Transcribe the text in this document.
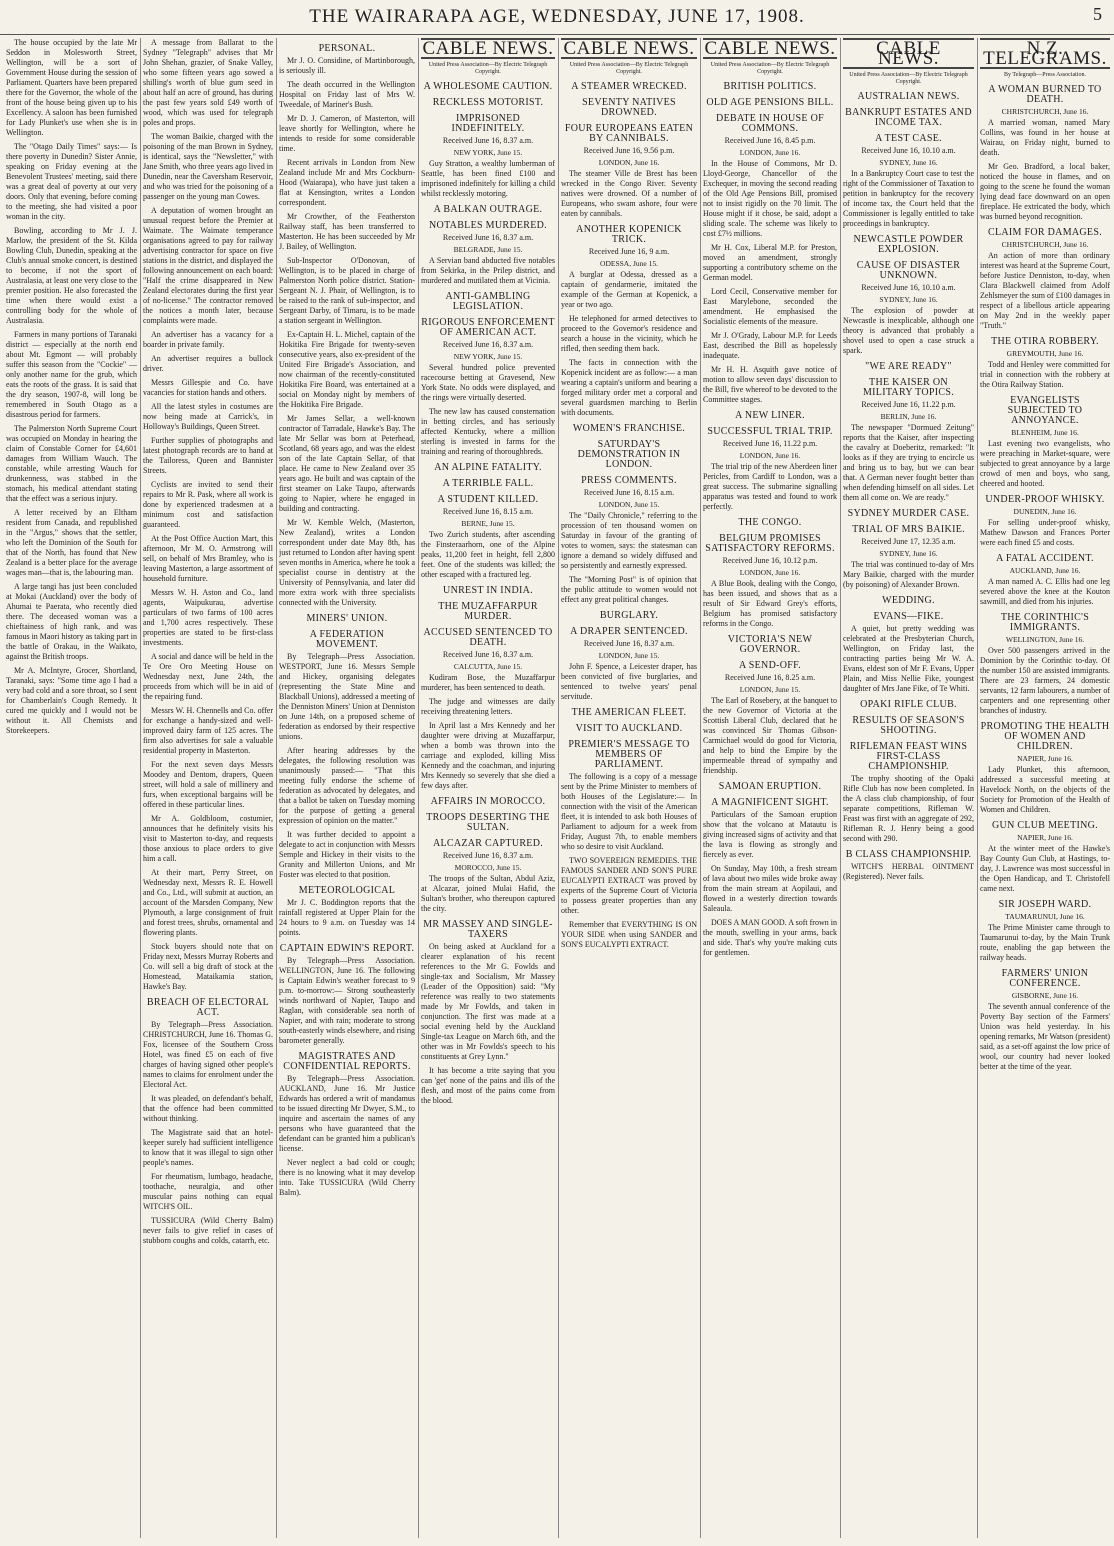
THE WAIRARAPA AGE, WEDNESDAY, JUNE 17, 1908.	5

The house occupied by the late Mr Seddon in Molesworth Street, Wellington, will be a sort of Government House during the session of Parliament. Quarters have been prepared there for the Governor, the whole of the front of the house being given up to his Excellency. A saloon has been furnished for Lady Plunket's use when she is in Wellington.

The "Otago Daily Times" says:— Is there poverty in Dunedin? Sister Annie, speaking on Friday evening at the Benevolent Trustees' meeting, said there was a great deal of poverty at our very doors. Only that evening, before coming to the meeting, she had visited a poor woman in the city.

Bowling, according to Mr J. J. Marlow, the president of the St. Kilda Bowling Club, Dunedin, speaking at the Club's annual smoke concert, is destined to become, if not the sport of Australasia, at least one very close to the premier position. He also forecasted the time when there would exist a controlling body for the whole of Australasia.

Farmers in many portions of Taranaki district — especially at the north end about Mt. Egmont — will probably suffer this season from the "Cockie" — only another name for the grub, which eats the roots of the grass. It is said that the dry season, 1907-8, will long be remembered in South Otago as a disastrous period for farmers.

The Palmerston North Supreme Court was occupied on Monday in hearing the claim of Constable Corner for £4,601 damages from William Wauch. The constable, while arresting Wauch for drunkenness, was stabbed in the stomach, his medical attendant stating that the effect was a serious injury.

A letter received by an Eltham resident from Canada, and republished in the "Argus," shows that the settler, who left the Dominion of the South for that of the North, has found that New Zealand is a better place for the average wages man—that is, the labouring man.

A large tangi has just been concluded at Mokai (Auckland) over the body of Ahumai te Paerata, who recently died there. The deceased woman was a chieftainess of high rank, and was famous in Maori history as taking part in the battle of Orakau, in the Waikato, against the British troops.

Mr A. McIntyre, Grocer, Shortland, Taranaki, says: "Some time ago I had a very bad cold and a sore throat, so I sent for Chamberlain's Cough Remedy. It cured me quickly and I would not be without it. All Chemists and Storekeepers.

A message from Ballarat to the Sydney "Telegraph" advises that Mr John Shehan, grazier, of Snake Valley, who some fifteen years ago sowed a shilling's worth of blue gum seed in about half an acre of ground, has during the past few years sold £49 worth of wood, which was used for telegraph poles and props.

The woman Baikie, charged with the poisoning of the man Brown in Sydney, is identical, says the "Newsletter," with Jane Smith, who three years ago lived in Dunedin, near the Caversham Reservoir, and who was tried for the poisoning of a passenger on the young man Cowes.

A deputation of women brought an unusual request before the Premier at Waimate. The Waimate temperance organisations agreed to pay for railway advertising contractor for space on five stations in the district, and displayed the following announcement on each board: "Half the crime disappeared in New Zealand electorates during the first year of no-license." The contractor removed the notices a month later, because complaints were made.

An advertiser has a vacancy for a boarder in private family.

An advertiser requires a bullock driver.

Messrs Gillespie and Co. have vacancies for station hands and others.

All the latest styles in costumes are now being made at Carrick's, in Holloway's Buildings, Queen Street.

Further supplies of photographs and latest photograph records are to hand at the Tailoress, Queen and Bannister Streets.

Cyclists are invited to send their repairs to Mr R. Pask, where all work is done by experienced tradesmen at a minimum cost and satisfaction guaranteed.

At the Post Office Auction Mart, this afternoon, Mr M. O. Armstrong will sell, on behalf of Mrs Bramley, who is leaving Masterton, a large assortment of household furniture.

Messrs W. H. Aston and Co., land agents, Waipukurau, advertise particulars of two farms of 100 acres and 1,700 acres respectively. These properties are stated to be first-class investments.

A social and dance will be held in the Te Ore Oro Meeting House on Wednesday next, June 24th, the proceeds from which will be in aid of the repairing fund.

Messrs W. H. Chennells and Co. offer for exchange a handy-sized and well-improved dairy farm of 125 acres. The firm also advertises for sale a valuable residential property in Masterton.

For the next seven days Messrs Moodey and Dentom, drapers, Queen street, will hold a sale of millinery and furs, when exceptional bargains will be offered in these particular lines.

Mr A. Goldbloom, costumier, announces that he definitely visits his visit to Masterton to-day, and requests those anxious to place orders to give him a call.

At their mart, Perry Street, on Wednesday next, Messrs R. E. Howell and Co., Ltd., will submit at auction, an account of the Marsden Company, New Plymouth, a large consignment of fruit and forest trees, shrubs, ornamental and flowering plants.

Stock buyers should note that on Friday next, Messrs Murray Roberts and Co. will sell a big draft of stock at the Homestead, Mataikamia station, Hawke's Bay.

BREACH OF ELECTORAL ACT.

By Telegraph—Press Association. CHRISTCHURCH, June 16. Thomas G. Fox, licensee of the Southern Cross Hotel, was fined £5 on each of five charges of having signed other people's names to claims for enrolment under the Electoral Act.

It was pleaded, on defendant's behalf, that the offence had been committed without thinking.

The Magistrate said that an hotel-keeper surely had sufficient intelligence to know that it was illegal to sign other people's names.

For rheumatism, lumbago, headache, toothache, neuralgia, and other muscular pains nothing can equal WITCH'S OIL.

TUSSICURA (Wild Cherry Balm) never fails to give relief in cases of stubborn coughs and colds, catarrh, etc.

PERSONAL.

Mr J. O. Considine, of Martinborough, is seriously ill.

The death occurred in the Wellington Hospital on Friday last of Mrs W. Tweedale, of Mariner's Bush.

Mr D. J. Cameron, of Masterton, will leave shortly for Wellington, where he intends to reside for some considerable time.

Recent arrivals in London from New Zealand include Mr and Mrs Cockburn-Hood (Waiarapa), who have just taken a flat at Kensington, writes a London correspondent.

Mr Crowther, of the Featherston Railway staff, has been transferred to Masterton. He has been succeeded by Mr J. Bailey, of Wellington.

Sub-Inspector O'Donovan, of Wellington, is to be placed in charge of Palmerston North police district. Station-Sergeant N. J. Phair, of Wellington, is to be raised to the rank of sub-inspector, and Sergeant Darby, of Timaru, is to be made a station sergeant in Wellington.

Ex-Captain H. L. Michel, captain of the Hokitika Fire Brigade for twenty-seven consecutive years, also ex-president of the United Fire Brigade's Association, and now chairman of the recently-constituted Hokitika Fire Board, was entertained at a social on Monday night by members of the Hokitika Fire Brigade.

Mr James Sellar, a well-known contractor of Tarradale, Hawke's Bay. The late Mr Sellar was born at Peterhead, Scotland, 68 years ago, and was the eldest son of the late Captain Sellar, of that place. He came to New Zealand over 35 years ago. He built and was captain of the first steamer on Lake Taupo, afterwards going to Napier, where he engaged in building and contracting.

Mr W. Kemble Welch, (Masterton, New Zealand), writes a London correspondent under date May 8th, has just returned to London after having spent seven months in America, where he took a specialist course in dentistry at the University of Pennsylvania, and later did more extra work with three specialists connected with the University.

MINERS' UNION.
A FEDERATION MOVEMENT.

By Telegraph—Press Association. WESTPORT, June 16. Messrs Semple and Hickey, organising delegates (representing the State Mine and Blackball Unions), addressed a meeting of the Denniston Miners' Union at Denniston on June 14th, on a proposed scheme of federation as endorsed by their respective unions.

After hearing addresses by the delegates, the following resolution was unanimously passed:— "That this meeting fully endorse the scheme of federation as advocated by delegates, and that a ballot be taken on Tuesday morning for the purpose of getting a general expression of opinion on the matter."

It was further decided to appoint a delegate to act in conjunction with Messrs Semple and Hickey in their visits to the Granity and Millerton Unions, and Mr Foster was elected to that position.

METEOROLOGICAL

Mr J. C. Boddington reports that the rainfall registered at Upper Plain for the 24 hours to 9 a.m. on Tuesday was 14 points.

CAPTAIN EDWIN'S REPORT.

By Telegraph—Press Association. WELLINGTON, June 16. The following is Captain Edwin's weather forecast to 9 p.m. to-morrow:— Strong southeasterly winds northward of Napier, Taupo and Raglan, with considerable sea north of Napier, and with rain; moderate to strong south-easterly winds elsewhere, and rising barometer generally.

MAGISTRATES AND CONFIDENTIAL REPORTS.

By Telegraph—Press Association. AUCKLAND, June 16. Mr Justice Edwards has ordered a writ of mandamus to be issued directing Mr Dwyer, S.M., to inquire and ascertain the names of any persons who have guaranteed that the defendant can be granted him a publican's license.

Never neglect a bad cold or cough; there is no knowing what it may develop into. Take TUSSICURA (Wild Cherry Balm).

CABLE NEWS.
United Press Association—By Electric Telegraph Copyright.
A WHOLESOME CAUTION.
RECKLESS MOTORIST.
IMPRISONED INDEFINITELY.
Received June 16, 8.37 a.m.
NEW YORK, June 15.

Guy Stratton, a wealthy lumberman of Seattle, has been fined £100 and imprisoned indefinitely for killing a child whilst recklessly motoring.

A BALKAN OUTRAGE.
NOTABLES MURDERED.
Received June 16, 8.37 a.m.
BELGRADE, June 15.

A Servian band abducted five notables from Sekirka, in the Prilep district, and murdered and mutilated them at Vicinia.

ANTI-GAMBLING LEGISLATION.
RIGOROUS ENFORCEMENT OF AMERICAN ACT.
Received June 16, 8.37 a.m.
NEW YORK, June 15.

Several hundred police prevented racecourse betting at Gravesend, New York State. No odds were displayed, and the rings were virtually deserted.

The new law has caused consternation in betting circles, and has seriously affected Kentucky, where a million sterling is invested in farms for the training and rearing of thoroughbreds.

AN ALPINE FATALITY.
A TERRIBLE FALL.
A STUDENT KILLED.
Received June 16, 8.15 a.m.
BERNE, June 15.

Two Zurich students, after ascending the Finsteraarhorn, one of the Alpine peaks, 11,200 feet in height, fell 2,800 feet. One of the students was killed; the other escaped with a fractured leg.

UNREST IN INDIA.
THE MUZAFFARPUR MURDER.
ACCUSED SENTENCED TO DEATH.
Received June 16, 8.37 a.m.
CALCUTTA, June 15.

Kudiram Bose, the Muzaffarpur murderer, has been sentenced to death.

The judge and witnesses are daily receiving threatening letters.

In April last a Mrs Kennedy and her daughter were driving at Muzaffarpur, when a bomb was thrown into the carriage and exploded, killing Miss Kennedy and the coachman, and injuring Mrs Kennedy so severely that she died a few days after.

AFFAIRS IN MOROCCO.
TROOPS DESERTING THE SULTAN.
ALCAZAR CAPTURED.
Received June 16, 8.37 a.m.
MOROCCO, June 15.

The troops of the Sultan, Abdul Aziz, at Alcazar, joined Mulai Hafid, the Sultan's brother, who thereupon captured the city.

MR MASSEY AND SINGLE-TAXERS

On being asked at Auckland for a clearer explanation of his recent references to the Mr G. Fowlds and single-tax and Socialism, Mr Massey (Leader of the Opposition) said: "My reference was really to two statements made by Mr Fowlds, and taken in conjunction. The first was made at a social evening held by the Auckland Single-tax League on March 6th, and the other was in Mr Fowlds's speech to his constituents at Grey Lynn."

It has become a trite saying that you can 'get' none of the pains and ills of the flesh, and most of the pains come from the blood.

CABLE NEWS.
United Press Association—By Electric Telegraph Copyright.
A STEAMER WRECKED.
SEVENTY NATIVES DROWNED.
FOUR EUROPEANS EATEN BY CANNIBALS.
Received June 16, 9.56 p.m.
LONDON, June 16.

The steamer Ville de Brest has been wrecked in the Congo River. Seventy natives were drowned. Of a number of Europeans, who swam ashore, four were eaten by cannibals.

ANOTHER KOPENICK TRICK.
Received June 16, 9 a.m.
ODESSA, June 15.

A burglar at Odessa, dressed as a captain of gendarmerie, imitated the example of the German at Kopenick, a year or two ago.

He telephoned for armed detectives to proceed to the Governor's residence and search a house in the vicinity, which he rifled, then seeding them back.

The facts in connection with the Kopenick incident are as follow:— a man wearing a captain's uniform and bearing a forged military order met a corporal and several guardsmen marching to Berlin with documents.

WOMEN'S FRANCHISE.
SATURDAY'S DEMONSTRATION IN LONDON.
PRESS COMMENTS.
Received June 16, 8.15 a.m.
LONDON, June 15.

The "Daily Chronicle," referring to the procession of ten thousand women on Saturday in favour of the granting of votes to women, says: the statesman can ignore a demand so widely diffused and so persistently and earnestly expressed.

The "Morning Post" is of opinion that the public attitude to women would not effect any great political changes.

BURGLARY.
A DRAPER SENTENCED.
Received June 16, 8.37 a.m.
LONDON, June 15.

John F. Spence, a Leicester draper, has been convicted of five burglaries, and sentenced to twelve years' penal servitude.

THE AMERICAN FLEET.
VISIT TO AUCKLAND.
PREMIER'S MESSAGE TO MEMBERS OF PARLIAMENT.

The following is a copy of a message sent by the Prime Minister to members of both Houses of the Legislature:— In connection with the visit of the American fleet, it is intended to ask both Houses of Parliament to adjourn for a week from Friday, August 7th, to enable members who so desire to visit Auckland.

TWO SOVEREIGN REMEDIES. THE FAMOUS SANDER AND SON'S PURE EUCALYPTI EXTRACT was proved by experts of the Supreme Court of Victoria to possess greater properties than any other.

Remember that EVERYTHING IS ON YOUR SIDE when using SANDER and SON'S EUCALYPTI EXTRACT.

CABLE NEWS.
United Press Association—By Electric Telegraph Copyright.
BRITISH POLITICS.
OLD AGE PENSIONS BILL.
DEBATE IN HOUSE OF COMMONS.
Received June 16, 8.45 p.m.
LONDON, June 16.

In the House of Commons, Mr D. Lloyd-George, Chancellor of the Exchequer, in moving the second reading of the Old Age Pensions Bill, promised not to insist rigidly on the 70 limit. The House might if it chose, be said, adopt a sliding scale. The scheme was likely to cost £7½ millions.

Mr H. Cox, Liberal M.P. for Preston, moved an amendment, strongly supporting a contributory scheme on the German model.

Lord Cecil, Conservative member for East Marylebone, seconded the amendment. He emphasised the Socialistic elements of the measure.

Mr J. O'Grady, Labour M.P. for Leeds East, described the Bill as hopelessly inadequate.

Mr H. H. Asquith gave notice of motion to allow seven days' discussion to the Bill, five whereof to be devoted to the Committee stages.

A NEW LINER.
SUCCESSFUL TRIAL TRIP.
Received June 16, 11.22 p.m.
LONDON, June 16.

The trial trip of the new Aberdeen liner Pericles, from Cardiff to London, was a great success. The submarine signalling apparatus was tested and found to work perfectly.

THE CONGO.
BELGIUM PROMISES SATISFACTORY REFORMS.
Received June 16, 10.12 p.m.
LONDON, June 16.

A Blue Book, dealing with the Congo, has been issued, and shows that as a result of Sir Edward Grey's efforts, Belgium has promised satisfactory reforms in the Congo.

VICTORIA'S NEW GOVERNOR.
A SEND-OFF.
Received June 16, 8.25 a.m.
LONDON, June 15.

The Earl of Rosebery, at the banquet to the new Governor of Victoria at the Scottish Liberal Club, declared that he was convinced Sir Thomas Gibson-Carmichael would do good for Victoria, and help to bind the Empire by the impermeable thread of sympathy and friendship.

SAMOAN ERUPTION.
A MAGNIFICENT SIGHT.

Particulars of the Samoan eruption show that the volcano at Matautu is giving increased signs of activity and that the lava is flowing as strongly and fiercely as ever.

On Sunday, May 10th, a fresh stream of lava about two miles wide broke away from the main stream at Aopilaui, and flowed in a westerly direction towards Saleaula.

DOES A MAN GOOD. A soft frown in the mouth, swelling in your arms, back and side. That's why you're making cuts for gentlemen.

CABLE NEWS.
United Press Association—By Electric Telegraph Copyright.
AUSTRALIAN NEWS.
BANKRUPT ESTATES AND INCOME TAX.
A TEST CASE.
Received June 16, 10.10 a.m.
SYDNEY, June 16.

In a Bankruptcy Court case to test the right of the Commissioner of Taxation to petition in bankruptcy for the recovery of income tax, the Court held that the Commissioner is legally entitled to take proceedings in bankruptcy.

NEWCASTLE POWDER EXPLOSION.
CAUSE OF DISASTER UNKNOWN.
Received June 16, 10.10 a.m.
SYDNEY, June 16.

The explosion of powder at Newcastle is inexplicable, although one theory is advanced that probably a shovel used to open a case struck a spark.

"WE ARE READY"
THE KAISER ON MILITARY TOPICS.
Received June 16, 11.22 p.m.
BERLIN, June 16.

The newspaper "Dormued Zeitung" reports that the Kaiser, after inspecting the cavalry at Doeberitz, remarked: "It looks as if they are trying to encircle us and bring us to bay, but we can bear that. A German never fought better than when defending himself on all sides. Let them all come on. We are ready."

SYDNEY MURDER CASE.
TRIAL OF MRS BAIKIE.
Received June 17, 12.35 a.m.
SYDNEY, June 16.

The trial was continued to-day of Mrs Mary Baikie, charged with the murder (by poisoning) of Alexander Brown.

WEDDING.
EVANS—FIKE.

A quiet, but pretty wedding was celebrated at the Presbyterian Church, Wellington, on Friday last, the contracting parties being Mr W. A. Evans, eldest son of Mr F. Evans, Upper Plain, and Miss Nellie Fike, youngest daughter of Mrs Jane Fike, of Te Whiti.

OPAKI RIFLE CLUB.
RESULTS OF SEASON'S SHOOTING.
RIFLEMAN FEAST WINS FIRST-CLASS CHAMPIONSHIP.

The trophy shooting of the Opaki Rifle Club has now been completed. In the A class club championship, of four separate competitions, Rifleman W. Feast was first with an aggregate of 292, Rifleman R. J. Henry being a good second with 290.

B CLASS CHAMPIONSHIP.

WITCH'S HERBAL OINTMENT (Registered). Never fails.

N.Z. TELEGRAMS.
By Telegraph—Press Association.
A WOMAN BURNED TO DEATH.
CHRISTCHURCH, June 16.

A married woman, named Mary Collins, was found in her house at Wairau, on Friday night, burned to death.

Mr Geo. Bradford, a local baker, noticed the house in flames, and on going to the scene he found the woman lying dead face downward on an open fireplace. He extricated the body, which was burned beyond recognition.

CLAIM FOR DAMAGES.
CHRISTCHURCH, June 16.

An action of more than ordinary interest was heard at the Supreme Court, before Justice Denniston, to-day, when Clara Blackwell claimed from Adolf Zehlsmeyer the sum of £100 damages in respect of a libellous article appearing on May 2nd in the weekly paper "Truth."

THE OTIRA ROBBERY.
GREYMOUTH, June 16.

Todd and Henley were committed for trial in connection with the robbery at the Otira Railway Station.

EVANGELISTS SUBJECTED TO ANNOYANCE.
BLENHEIM, June 16.

Last evening two evangelists, who were preaching in Market-square, were subjected to great annoyance by a large crowd of men and boys, who sang, cheered and hooted.

UNDER-PROOF WHISKY.
DUNEDIN, June 16.

For selling under-proof whisky, Mathew Dawson and Frances Porter were each fined £5 and costs.

A FATAL ACCIDENT.
AUCKLAND, June 16.

A man named A. C. Ellis had one leg severed above the knee at the Kouton sawmill, and died from his injuries.

THE CORINTHIC'S IMMIGRANTS.
WELLINGTON, June 16.

Over 500 passengers arrived in the Dominion by the Corinthic to-day. Of the number 150 are assisted immigrants. There are 23 farmers, 24 domestic servants, 12 farm labourers, a number of carpenters and one representing other branches of industry.

PROMOTING THE HEALTH OF WOMEN AND CHILDREN.
NAPIER, June 16.

Lady Plunket, this afternoon, addressed a successful meeting at Havelock North, on the objects of the Society for Promotion of the Health of Women and Children.

GUN CLUB MEETING.
NAPIER, June 16.

At the winter meet of the Hawke's Bay County Gun Club, at Hastings, to-day, J. Lawrence was most successful in the Open Handicap, and T. Christofell came next.

SIR JOSEPH WARD.
TAUMARUNUI, June 16.

The Prime Minister came through to Taumarunui to-day, by the Main Trunk route, enabling the gap between the railway heads.

FARMERS' UNION CONFERENCE.
GISBORNE, June 16.

The seventh annual conference of the Poverty Bay section of the Farmers' Union was held yesterday. In his opening remarks, Mr Watson (president) said, as a set-off against the low price of wool, our country had never looked better at the time of the year.
